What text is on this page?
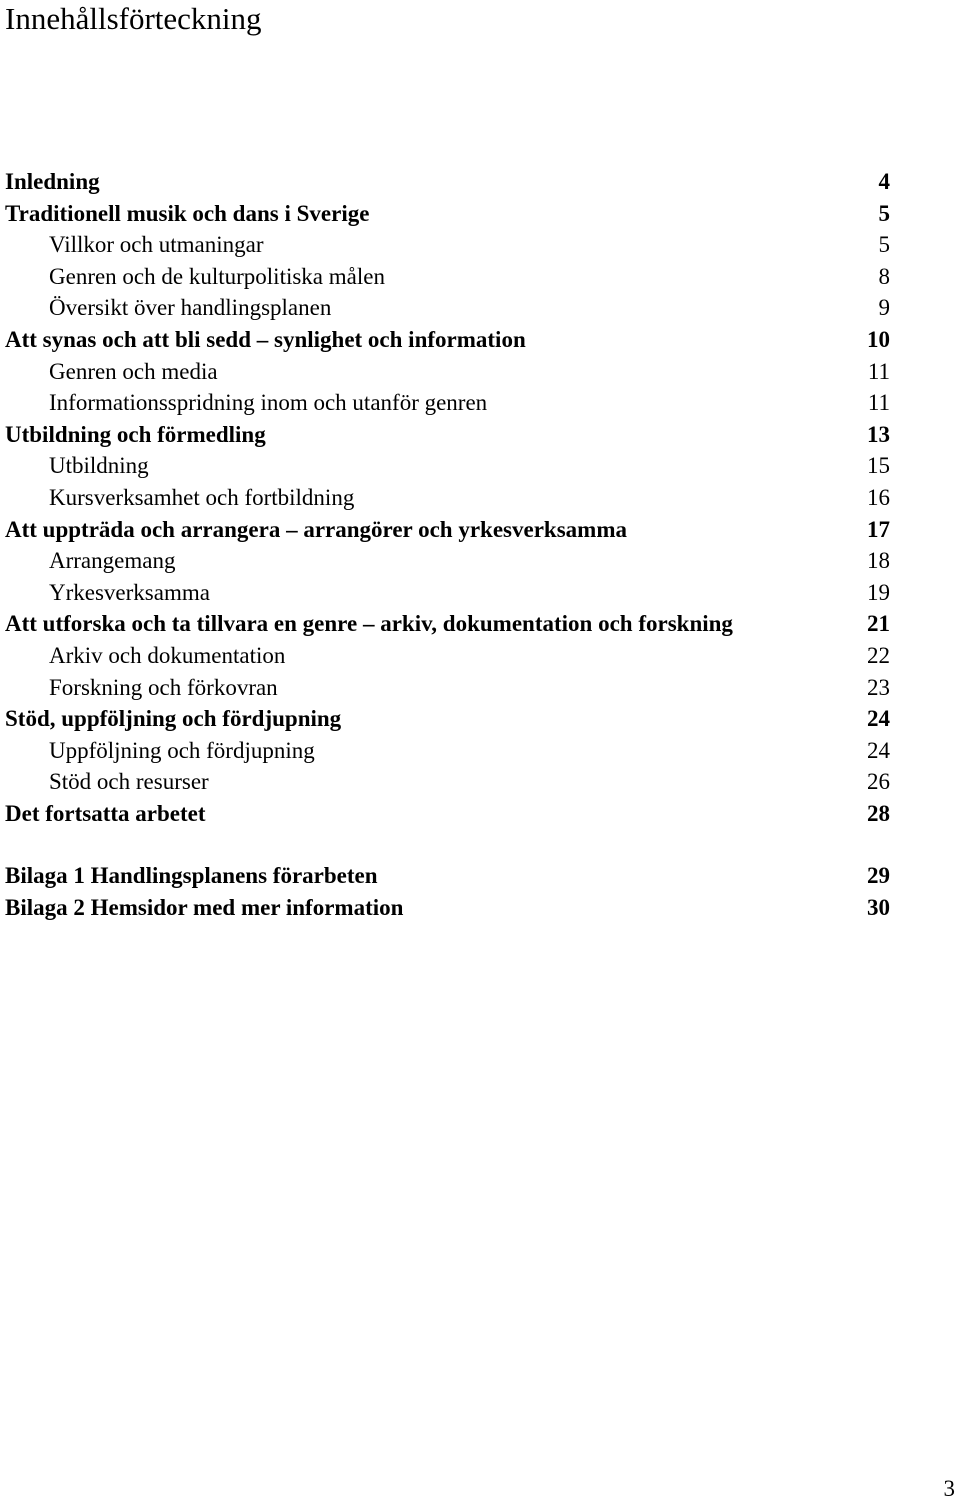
Innehållsförteckning
Inledning	4
Traditionell musik och dans i Sverige	5
Villkor och utmaningar	5
Genren och de kulturpolitiska målen	8
Översikt över handlingsplanen	9
Att synas och att bli sedd – synlighet och information	10
Genren och media	11
Informationsspridning inom och utanför genren	11
Utbildning och förmedling	13
Utbildning	15
Kursverksamhet och fortbildning	16
Att uppträda och arrangera – arrangörer och yrkesverksamma	17
Arrangemang	18
Yrkesverksamma	19
Att utforska och ta tillvara en genre – arkiv, dokumentation och forskning	21
Arkiv och dokumentation	22
Forskning och förkovran	23
Stöd, uppföljning och fördjupning	24
Uppföljning och fördjupning	24
Stöd och resurser	26
Det fortsatta arbetet	28
Bilaga 1 Handlingsplanens förarbeten	29
Bilaga 2 Hemsidor med mer information	30
3
